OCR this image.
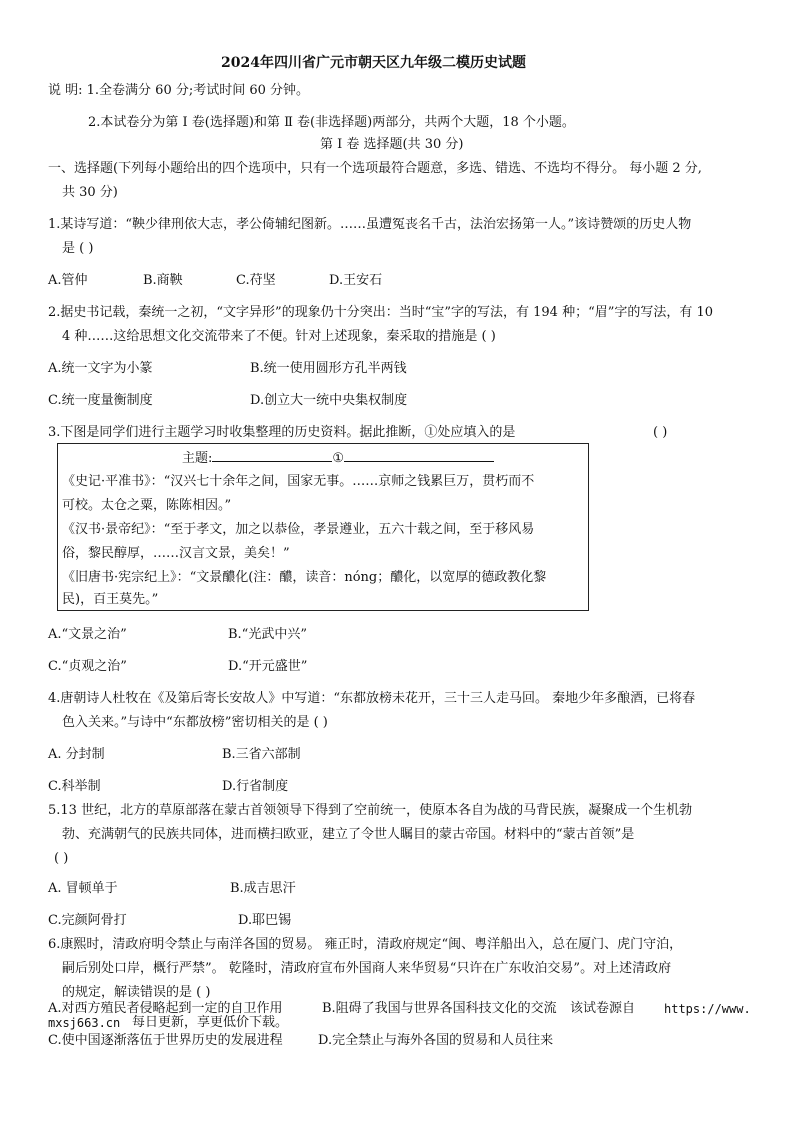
2024年四川省广元市朝天区九年级二模历史试题
说 明: 1.全卷满分 60 分;考试时间 60 分钟。
2.本试卷分为第 Ⅰ 卷(选择题)和第 Ⅱ 卷(非选择题)两部分，共两个大题，18 个小题。
第 Ⅰ 卷 选择题(共 30 分)
一、选择题(下列每小题给出的四个选项中，只有一个选项最符合题意，多选、错选、不选均不得分。 每小题 2 分,
共 30 分)
1.某诗写道：“鞅少律刑依大志，孝公倚辅纪图新。……虽遭冤丧名千古，法治宏扬第一人。”该诗赞颂的历史人物
是 ( )
A.管仲	B.商鞅	C.苻坚	D.王安石
2.据史书记载，秦统一之初，“文字异形”的现象仍十分突出：当时“宝”字的写法，有 194 种；“眉”字的写法，有 10
4 种……这给思想文化交流带来了不便。针对上述现象，秦采取的措施是 ( )
A.统一文字为小篆	B.统一使用圆形方孔半两钱
C.统一度量衡制度	D.创立大一统中央集权制度
3.下图是同学们进行主题学习时收集整理的历史资料。据此推断，①处应填入的是	( )
主题:	①
《史记·平准书》：“汉兴七十余年之间，国家无事。……京师之钱累巨万，贯朽而不
可校。太仓之粟，陈陈相因。”
《汉书·景帝纪》：“至于孝文，加之以恭俭，孝景遵业，五六十载之间，至于移风易
俗，黎民醇厚，……汉言文景，美矣！”
《旧唐书·宪宗纪上》：“文景醲化(注：醲，读音：nóng；醲化，以宽厚的德政教化黎
民)，百王莫先。”
A.“文景之治”	B.“光武中兴”
C.“贞观之治”	D.“开元盛世”
4.唐朝诗人杜牧在《及第后寄长安故人》中写道：“东都放榜未花开，三十三人走马回。 秦地少年多酿酒，已将春
色入关来。”与诗中“东都放榜”密切相关的是 ( )
A. 分封制	B.三省六部制
C.科举制	D.行省制度
5.13 世纪，北方的草原部落在蒙古首领领导下得到了空前统一，使原本各自为战的马背民族，凝聚成一个生机勃
勃、充满朝气的民族共同体，进而横扫欧亚，建立了令世人瞩目的蒙古帝国。材料中的“蒙古首领”是
( )
A. 冒顿单于	B.成吉思汗
C.完颜阿骨打	D.耶巴锡
6.康熙时，清政府明令禁止与南洋各国的贸易。 雍正时，清政府规定“闽、粤洋船出入，总在厦门、虎门守泊，
嗣后别处口岸，概行严禁”。 乾隆时，清政府宣布外国商人来华贸易“只许在广东收泊交易”。对上述清政府
的规定，解读错误的是 ( )
A.对西方殖民者侵略起到一定的自卫作用	B.阻碍了我国与世界各国科技文化的交流 该试卷源自 https://www.
mxsj663.cn 每日更新，享更低价下载。
C.使中国逐渐落伍于世界历史的发展进程	D.完全禁止与海外各国的贸易和人员往来
